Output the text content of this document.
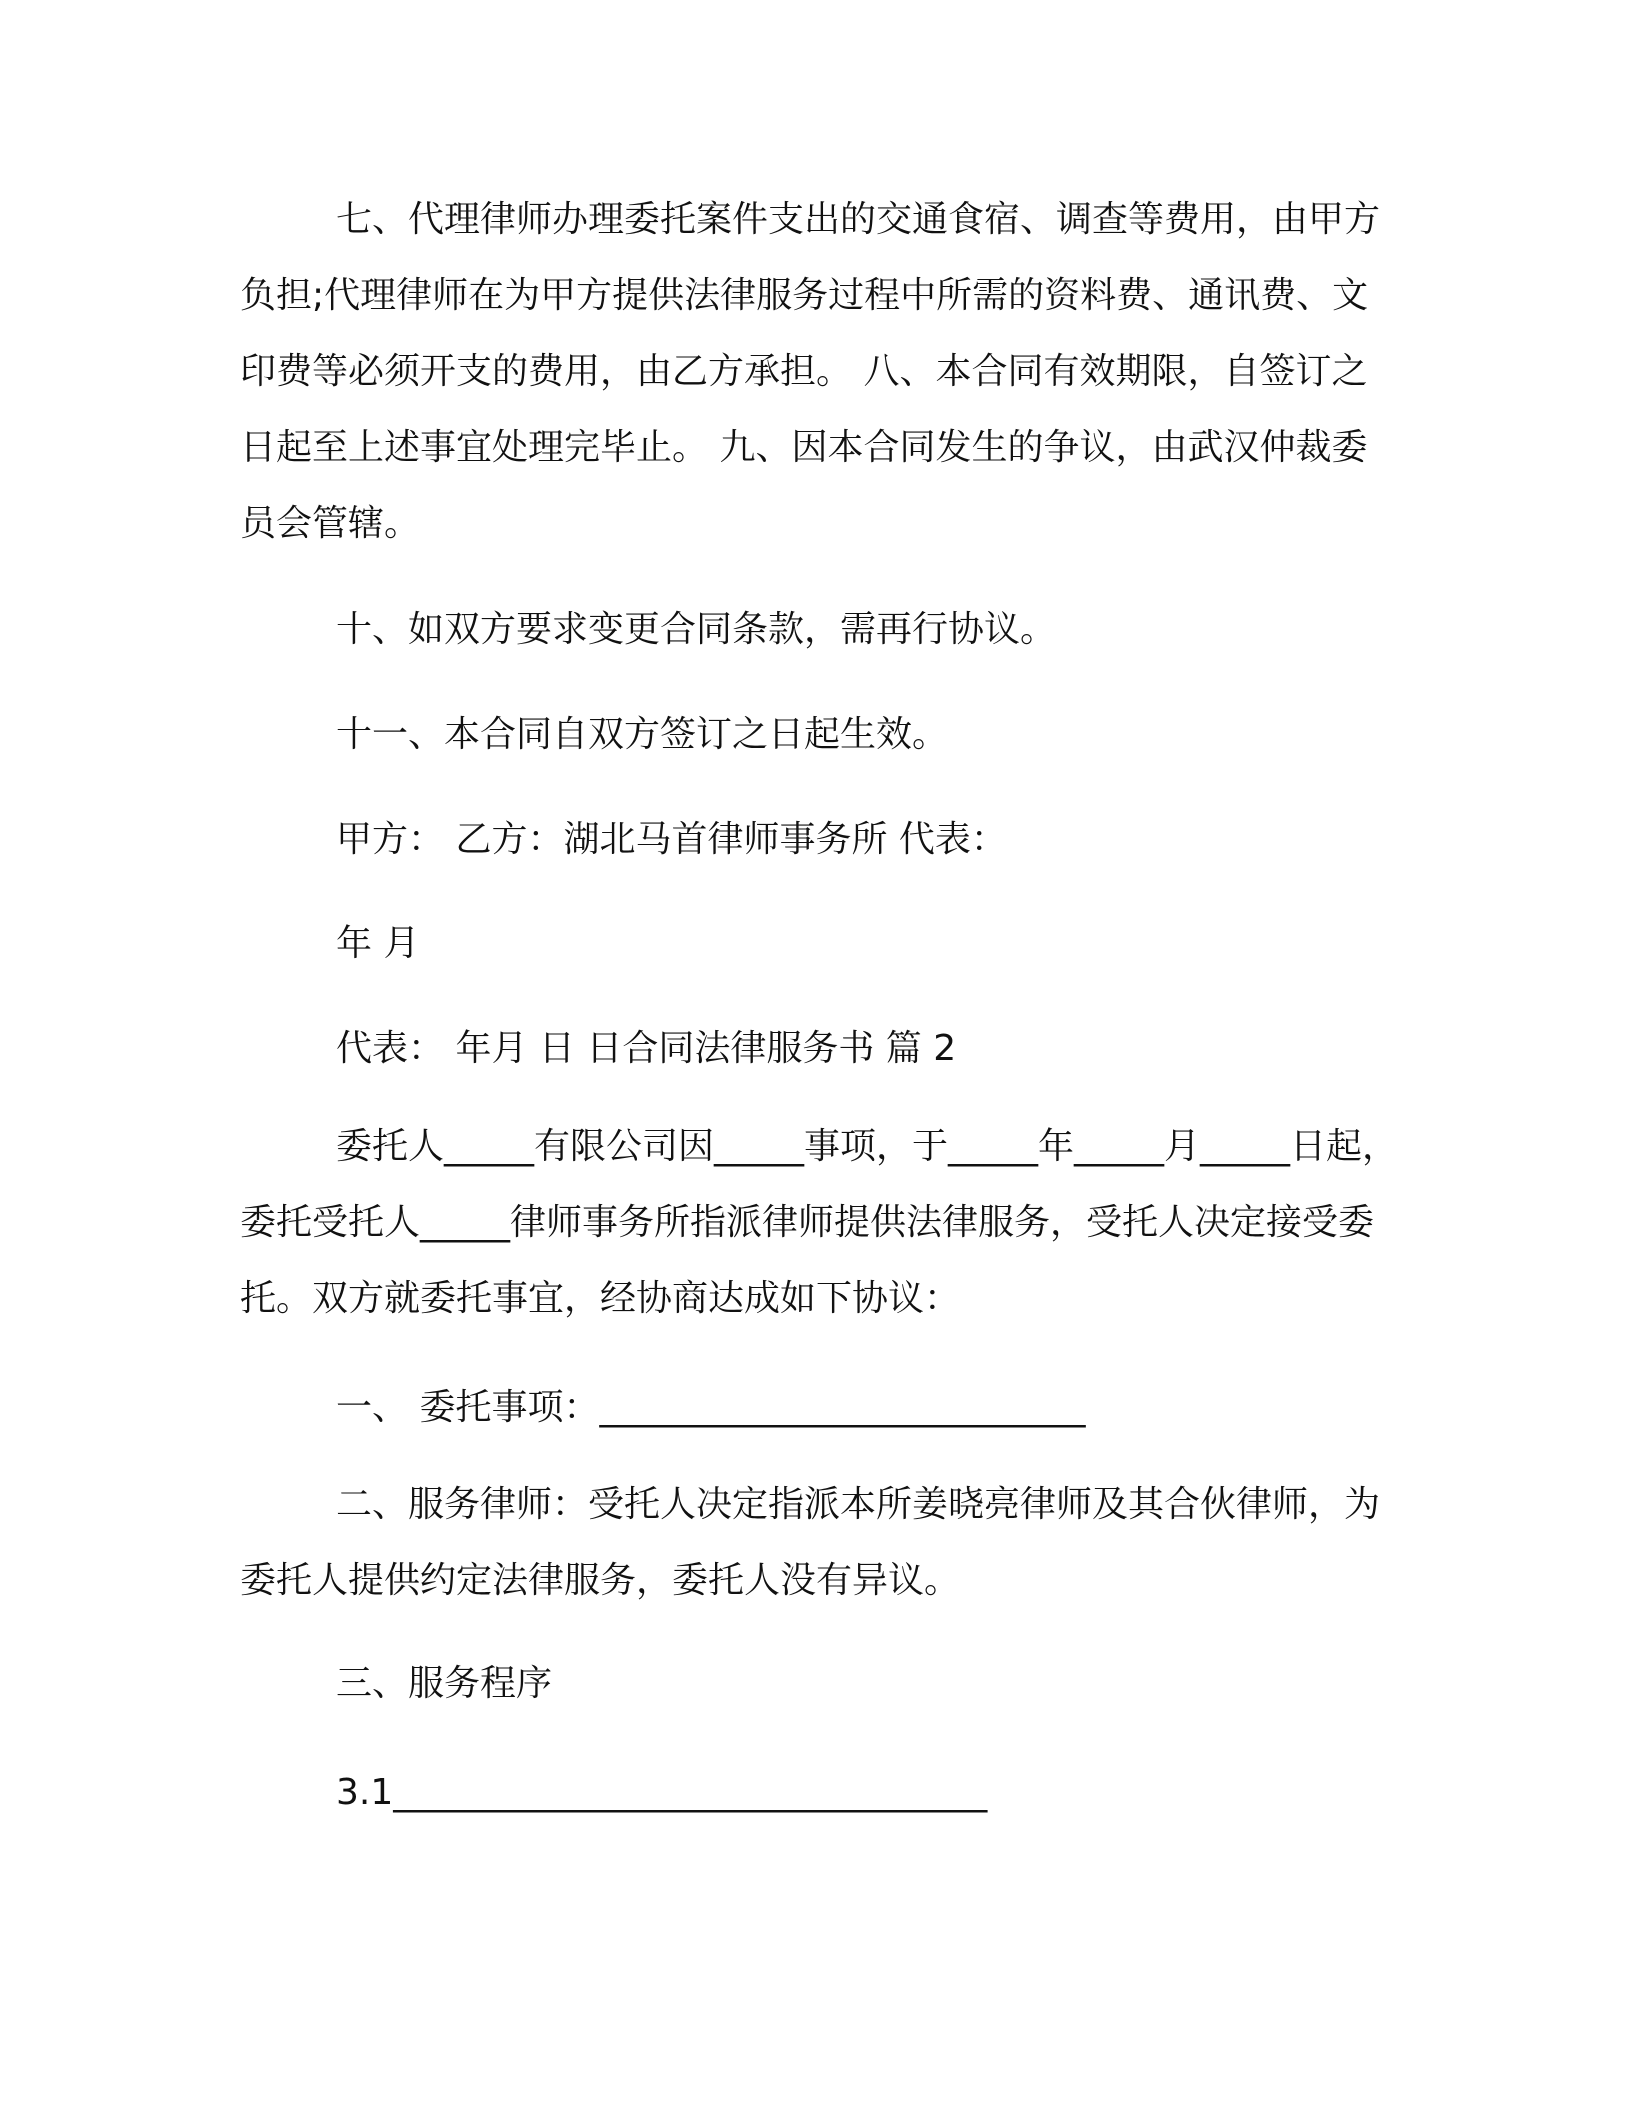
七、代理律师办理委托案件支出的交通食宿、调查等费用，由甲方负担;代理律师在为甲方提供法律服务过程中所需的资料费、通讯费、文印费等必须开支的费用，由乙方承担。 八、本合同有效期限，自签订之日起至上述事宜处理完毕止。 九、因本合同发生的争议，由武汉仲裁委员会管辖。

十、如双方要求变更合同条款，需再行协议。

十一、本合同自双方签订之日起生效。

甲方： 乙方：湖北马首律师事务所 代表：

年 月

代表： 年月 日 日合同法律服务书 篇 2

委托人_____有限公司因_____事项，于_____年_____月_____日起，委托受托人_____律师事务所指派律师提供法律服务，受托人决定接受委托。双方就委托事宜，经协商达成如下协议：

一、 委托事项：___________________________

二、服务律师：受托人决定指派本所姜晓亮律师及其合伙律师，为委托人提供约定法律服务，委托人没有异议。

三、服务程序

3.1_________________________________
